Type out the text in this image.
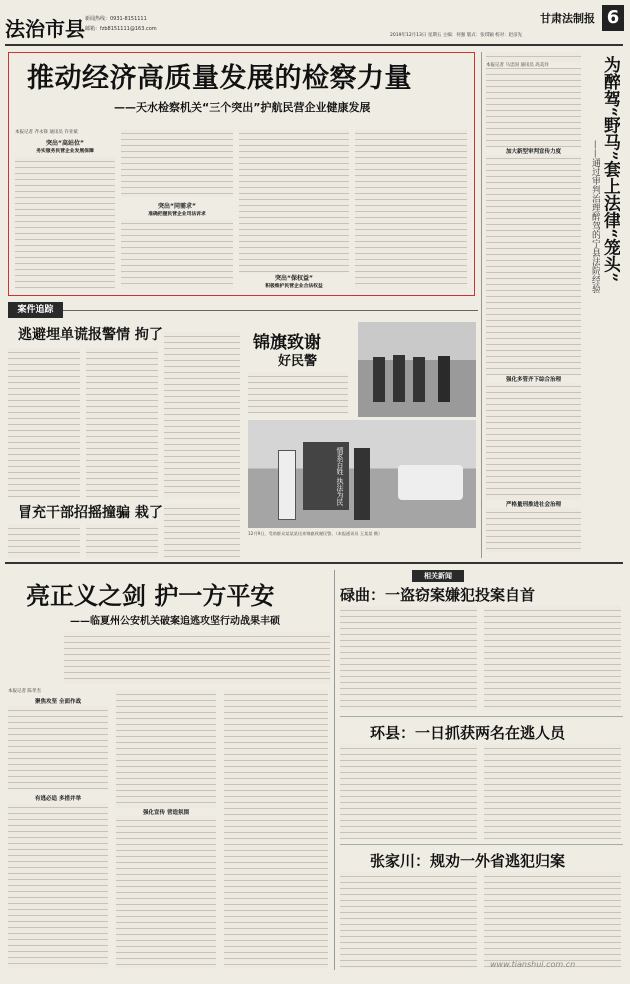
法治市县 新闻热线：0931-8151111
邮箱：fzb8151111@163.com
2019年12月13日 星期五 主编：何强 版式：张琪颖 校对：赵彦先
甘肃法制报 6
推动经济高质量发展的检察力量
——天水检察机关“三个突出”护航民营企业健康发展
本报记者 齐永锋 通讯员 许亚斌
突出“高站位”
务实服务民营企业发展保障
突出“同需求”
准确把握民营企业司法诉求
突出“保权益”
积极维护民营企业合法权益
为醉驾“野马”套上法律“笼头”
——通过审判治理醉驾的宁县法院经验
本报记者 马忠国 通讯员 高美玲
加大新型审判宣传力度
强化多管齐下综合治理
严格量刑推进社会治理
案件追踪
逃避埋单谎报警情 拘了
冒充干部招摇撞骗 栽了
锦旗致谢
好民警
情系百姓 执法为民
12月9日，受助群众某某某送来锦旗致谢民警。（本报通讯员 王某某 摄）
亮正义之剑 护一方平安
——临夏州公安机关破案追逃攻坚行动战果丰硕
本报记者 陈孝杰
聚焦攻坚 全面作战
有逃必追 多措并举
强化宣传 营造氛围
相关新闻
碌曲：一盗窃案嫌犯投案自首
环县：一日抓获两名在逃人员
张家川：规劝一外省逃犯归案
www.tianshui.com.cn
